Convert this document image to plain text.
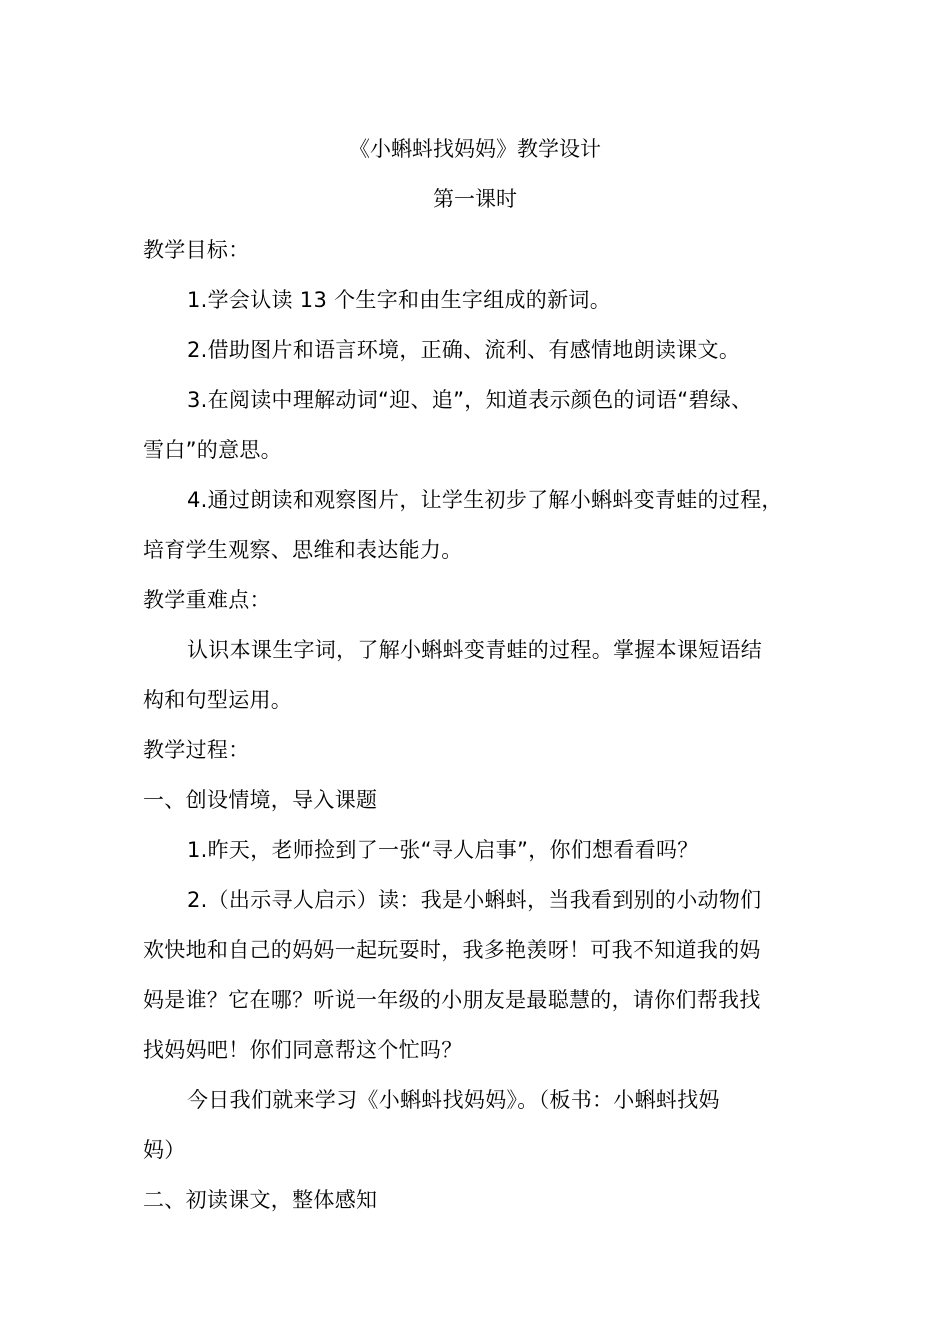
《小蝌蚪找妈妈》教学设计
第一课时
教学目标：
1.学会认读 13 个生字和由生字组成的新词。
2.借助图片和语言环境，正确、流利、有感情地朗读课文。
3.在阅读中理解动词“迎、追”，知道表示颜色的词语“碧绿、
雪白”的意思。
4.通过朗读和观察图片，让学生初步了解小蝌蚪变青蛙的过程，
培育学生观察、思维和表达能力。
教学重难点：
认识本课生字词，了解小蝌蚪变青蛙的过程。掌握本课短语结
构和句型运用。
教学过程：
一、创设情境，导入课题
1.昨天，老师捡到了一张“寻人启事”，你们想看看吗？
2.（出示寻人启示）读：我是小蝌蚪，当我看到别的小动物们
欢快地和自己的妈妈一起玩耍时，我多艳羡呀！可我不知道我的妈
妈是谁？它在哪？听说一年级的小朋友是最聪慧的，请你们帮我找
找妈妈吧！你们同意帮这个忙吗？
今日我们就来学习《小蝌蚪找妈妈》。（板书：小蝌蚪找妈
妈）
二、初读课文，整体感知
